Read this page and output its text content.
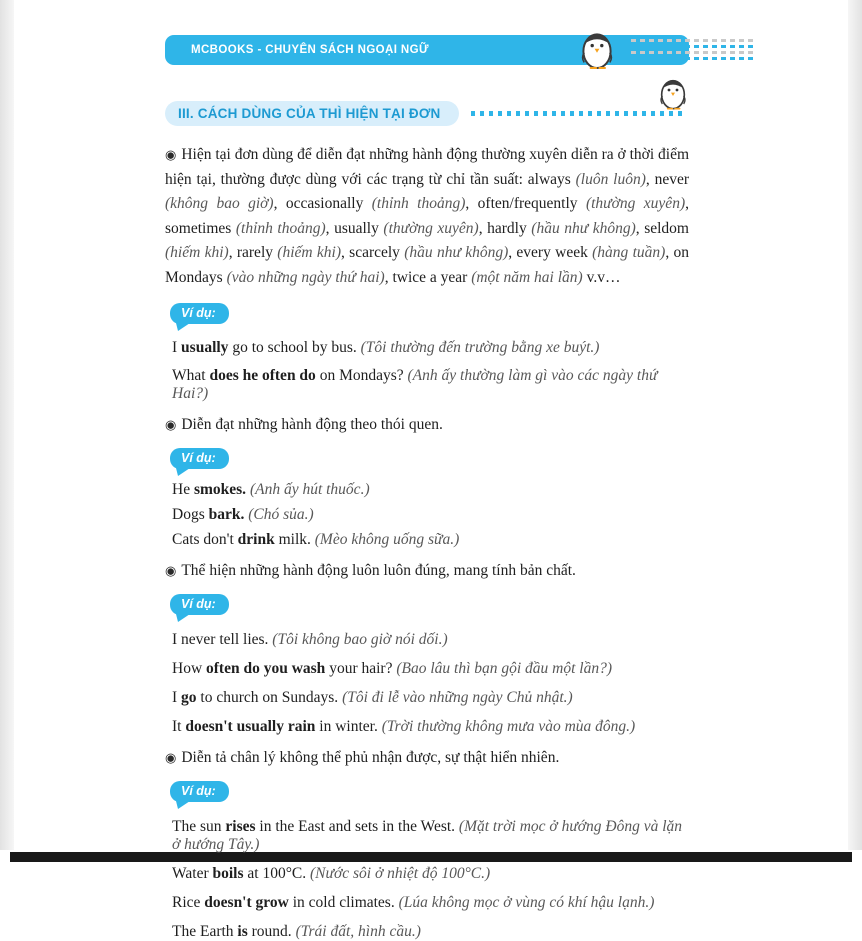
MCBOOKS - CHUYÊN SÁCH NGOẠI NGỮ
III. CÁCH DÙNG CỦA THÌ HIỆN TẠI ĐƠN

◉ Hiện tại đơn dùng để diễn đạt những hành động thường xuyên diễn ra ở thời điểm hiện tại, thường được dùng với các trạng từ chỉ tần suất: always (luôn luôn), never (không bao giờ), occasionally (thỉnh thoảng), often/frequently (thường xuyên), sometimes (thỉnh thoảng), usually (thường xuyên), hardly (hầu như không), seldom (hiếm khi), rarely (hiếm khi), scarcely (hầu như không), every week (hàng tuần), on Mondays (vào những ngày thứ hai), twice a year (một năm hai lần) v.v…

Ví dụ:

I usually go to school by bus. (Tôi thường đến trường bằng xe buýt.)

What does he often do on Mondays? (Anh ấy thường làm gì vào các ngày thứ Hai?)

◉ Diễn đạt những hành động theo thói quen.

Ví dụ:

He smokes. (Anh ấy hút thuốc.)

Dogs bark. (Chó sủa.)

Cats don't drink milk. (Mèo không uống sữa.)

◉ Thể hiện những hành động luôn luôn đúng, mang tính bản chất.

Ví dụ:

I never tell lies. (Tôi không bao giờ nói dối.)

How often do you wash your hair? (Bao lâu thì bạn gội đầu một lần?)

I go to church on Sundays. (Tôi đi lễ vào những ngày Chủ nhật.)

It doesn't usually rain in winter. (Trời thường không mưa vào mùa đông.)

◉ Diễn tả chân lý không thể phủ nhận được, sự thật hiển nhiên.

Ví dụ:

The sun rises in the East and sets in the West. (Mặt trời mọc ở hướng Đông và lặn ở hướng Tây.)

Water boils at 100°C. (Nước sôi ở nhiệt độ 100°C.)

Rice doesn't grow in cold climates. (Lúa không mọc ở vùng có khí hậu lạnh.)

The Earth is round. (Trái đất, hình cầu.)
